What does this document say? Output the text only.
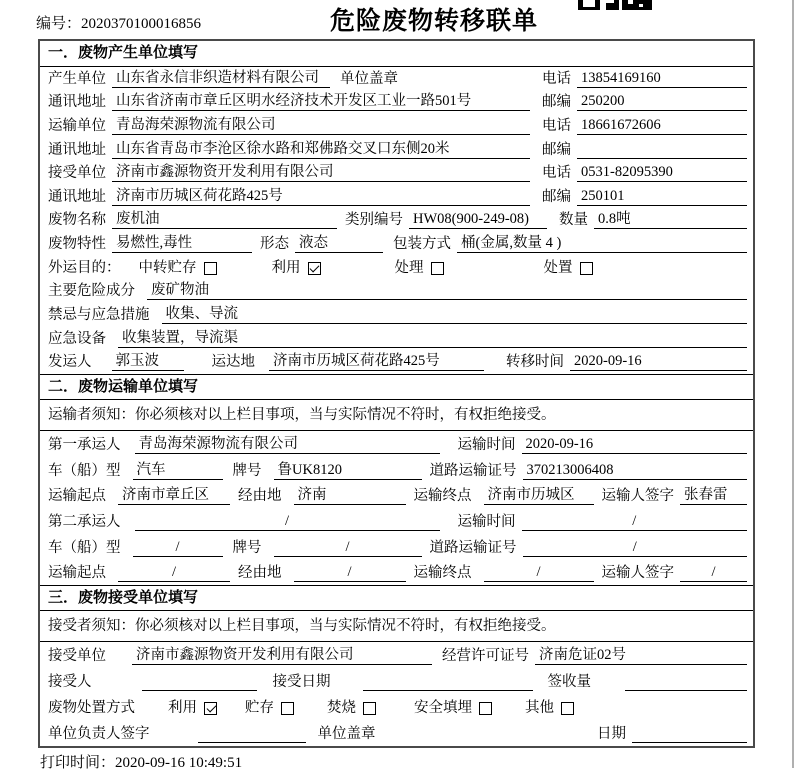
编号：2020370100016856	危险废物转移联单
一．废物产生单位填写
产生单位 山东省永信非织造材料有限公司	单位盖章	电话 13854169160
通讯地址 山东省济南市章丘区明水经济技术开发区工业一路501号	邮编 250200
运输单位 青岛海荣源物流有限公司	电话 18661672606
通讯地址 山东省青岛市李沧区徐水路和郑佛路交叉口东侧20米	邮编
接受单位 济南市鑫源物资开发利用有限公司	电话 0531-82095390
通讯地址 济南市历城区荷花路425号	邮编 250101
废物名称 废机油	类别编号 HW08(900-249-08)	数量 0.8吨
废物特性 易燃性,毒性	形态 液态	包装方式 桶(金属,数量 4 )
外运目的： 中转贮存	利用	处理	处置
主要危险成分 废矿物油
禁忌与应急措施 收集、导流
应急设备 收集装置，导流渠
发运人 郭玉波	运达地 济南市历城区荷花路425号	转移时间 2020-09-16
二．废物运输单位填写
运输者须知：你必须核对以上栏目事项，当与实际情况不符时，有权拒绝接受。
第一承运人 青岛海荣源物流有限公司	运输时间 2020-09-16
车（船）型 汽车	牌号 鲁UK8120	道路运输证号 370213006408
运输起点 济南市章丘区	经由地 济南	运输终点 济南市历城区	运输人签字 张春雷
第二承运人	/	运输时间	/
车（船）型	/	牌号	/	道路运输证号	/
运输起点	/	经由地	/	运输终点	/	运输人签字	/
三．废物接受单位填写
接受者须知：你必须核对以上栏目事项，当与实际情况不符时，有权拒绝接受。
接受单位 济南市鑫源物资开发利用有限公司	经营许可证号 济南危证02号
接受人	接受日期	签收量
废物处置方式 利用	贮存	焚烧	安全填埋	其他
单位负责人签字	单位盖章	日期
打印时间：2020-09-16 10:49:51
